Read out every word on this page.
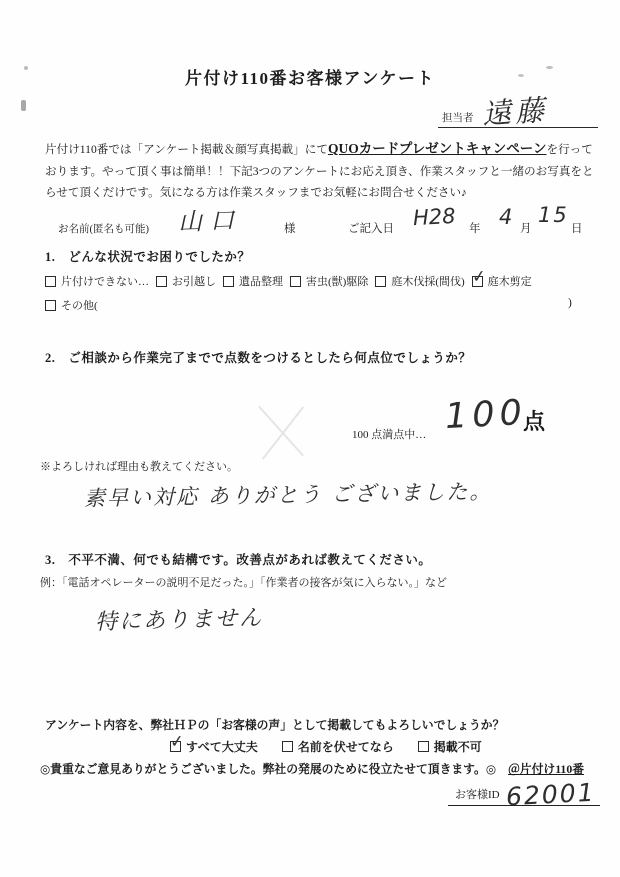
片付け110番お客様アンケート
担当者 遠藤
片付け110番では「アンケート掲載＆顔写真掲載」にてQUOカードプレゼントキャンペーンを行っております。やって頂く事は簡単！！下記3つのアンケートにお応え頂き、作業スタッフと一緒のお写真をとらせて頂くだけです。気になる方は作業スタッフまでお気軽にお問合せください♪
お名前(匿名も可能) 山口	様	ご記入日 H28 年 4 月
15
日
1.　どんな状況でお困りでしたか？
片付けできない… お引越し 遺品整理 害虫(獣)駆除 庭木伐採(間伐) ✓ 庭木剪定
その他(	)
2.　ご相談から作業完了までで点数をつけるとしたら何点位でしょうか？
100 点満点中… 100
点
※よろしければ理由も教えてください。
素早い対応 ありがとう ございました。
3.　不平不満、何でも結構です。改善点があれば教えてください。
例：「電話オペレーターの説明不足だった。」「作業者の接客が気に入らない。」など
特にありません
アンケート内容を、弊社ＨＰの「お客様の声」として掲載してもよろしいでしょうか？
✓ すべて大丈夫	名前を伏せてなら	掲載不可
◎貴重なご意見ありがとうございました。弊社の発展のために役立たせて頂きます。◎ ＠片付け110番
お客様ID 62001
